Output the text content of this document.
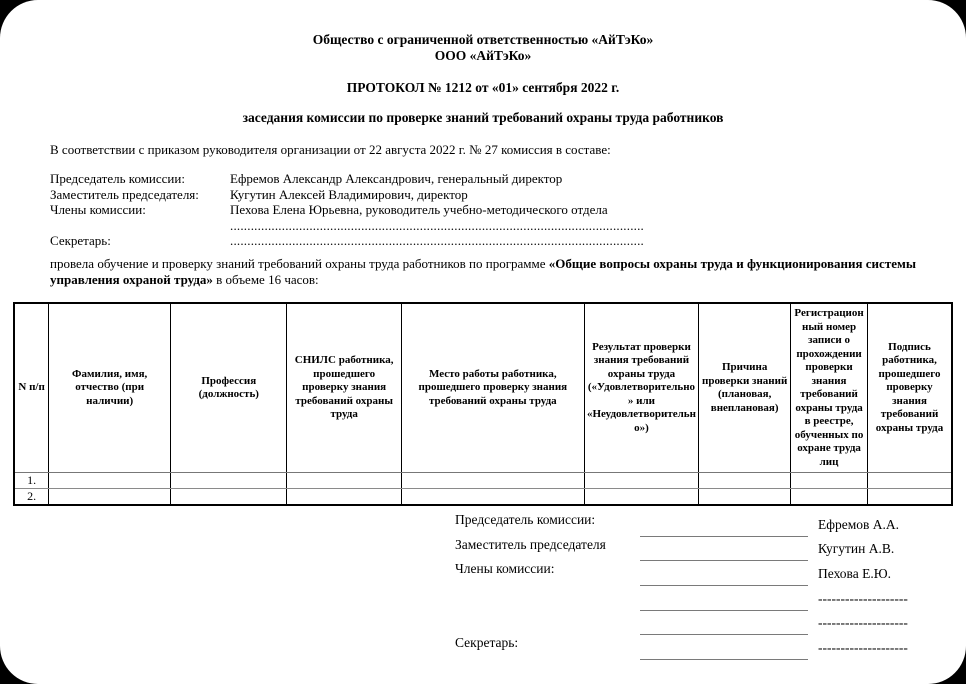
Общество с ограниченной ответственностью «АйТэКо»
ООО «АйТэКо»
ПРОТОКОЛ № 1212 от «01» сентября 2022 г.
заседания комиссии по проверке знаний требований охраны труда работников
В соответствии с приказом руководителя организации от 22 августа 2022 г. № 27 комиссия в составе:
Председатель комиссии:	Ефремов Александр Александрович, генеральный директор
Заместитель председателя:	Кугутин Алексей Владимирович, директор
Члены комиссии:	Пехова Елена Юрьевна, руководитель учебно-методического отдела
........................................................................................................................
Секретарь:	........................................................................................................................
провела обучение и проверку знаний требований охраны труда работников по программе «Общие вопросы охраны труда и функционирования системы управления охраной труда» в объеме 16 часов:
N п/п	Фамилия, имя, отчество (при наличии)	Профессия (должность)	СНИЛС работника, прошедшего проверку знания требований охраны труда	Место работы работника, прошедшего проверку знания требований охраны труда	Результат проверки знания требований охраны труда («Удовлетворительно» или «Неудовлетворительно»)	Причина проверки знаний (плановая, внеплановая)	Регистрационный номер записи о прохождении проверки знания требований охраны труда в реестре, обученных по охране труда лиц	Подпись работника, прошедшего проверку знания требований охраны труда
1.								
2.								
Председатель комиссии:	Ефремов А.А.
Заместитель председателя	Кугутин А.В.
Члены комиссии:	Пехова Е.Ю.
--------------------
--------------------
Секретарь:	--------------------
